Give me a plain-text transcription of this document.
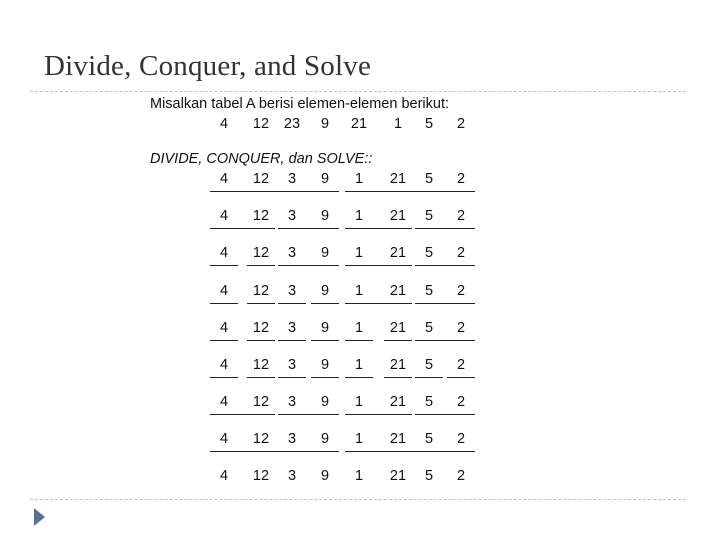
Divide, Conquer, and Solve
Misalkan tabel A berisi elemen-elemen berikut:
4	12	23	9	21	1	5	2
DIVIDE, CONQUER, dan SOLVE::
4	12	3	9	1	21	5	2
4	12	3	9	1	21	5	2
4	12	3	9	1	21	5	2
4	12	3	9	1	21	5	2
4	12	3	9	1	21	5	2
4	12	3	9	1	21	5	2
4	12	3	9	1	21	5	2
4	12	3	9	1	21	5	2
4	12	3	9	1	21	5	2
